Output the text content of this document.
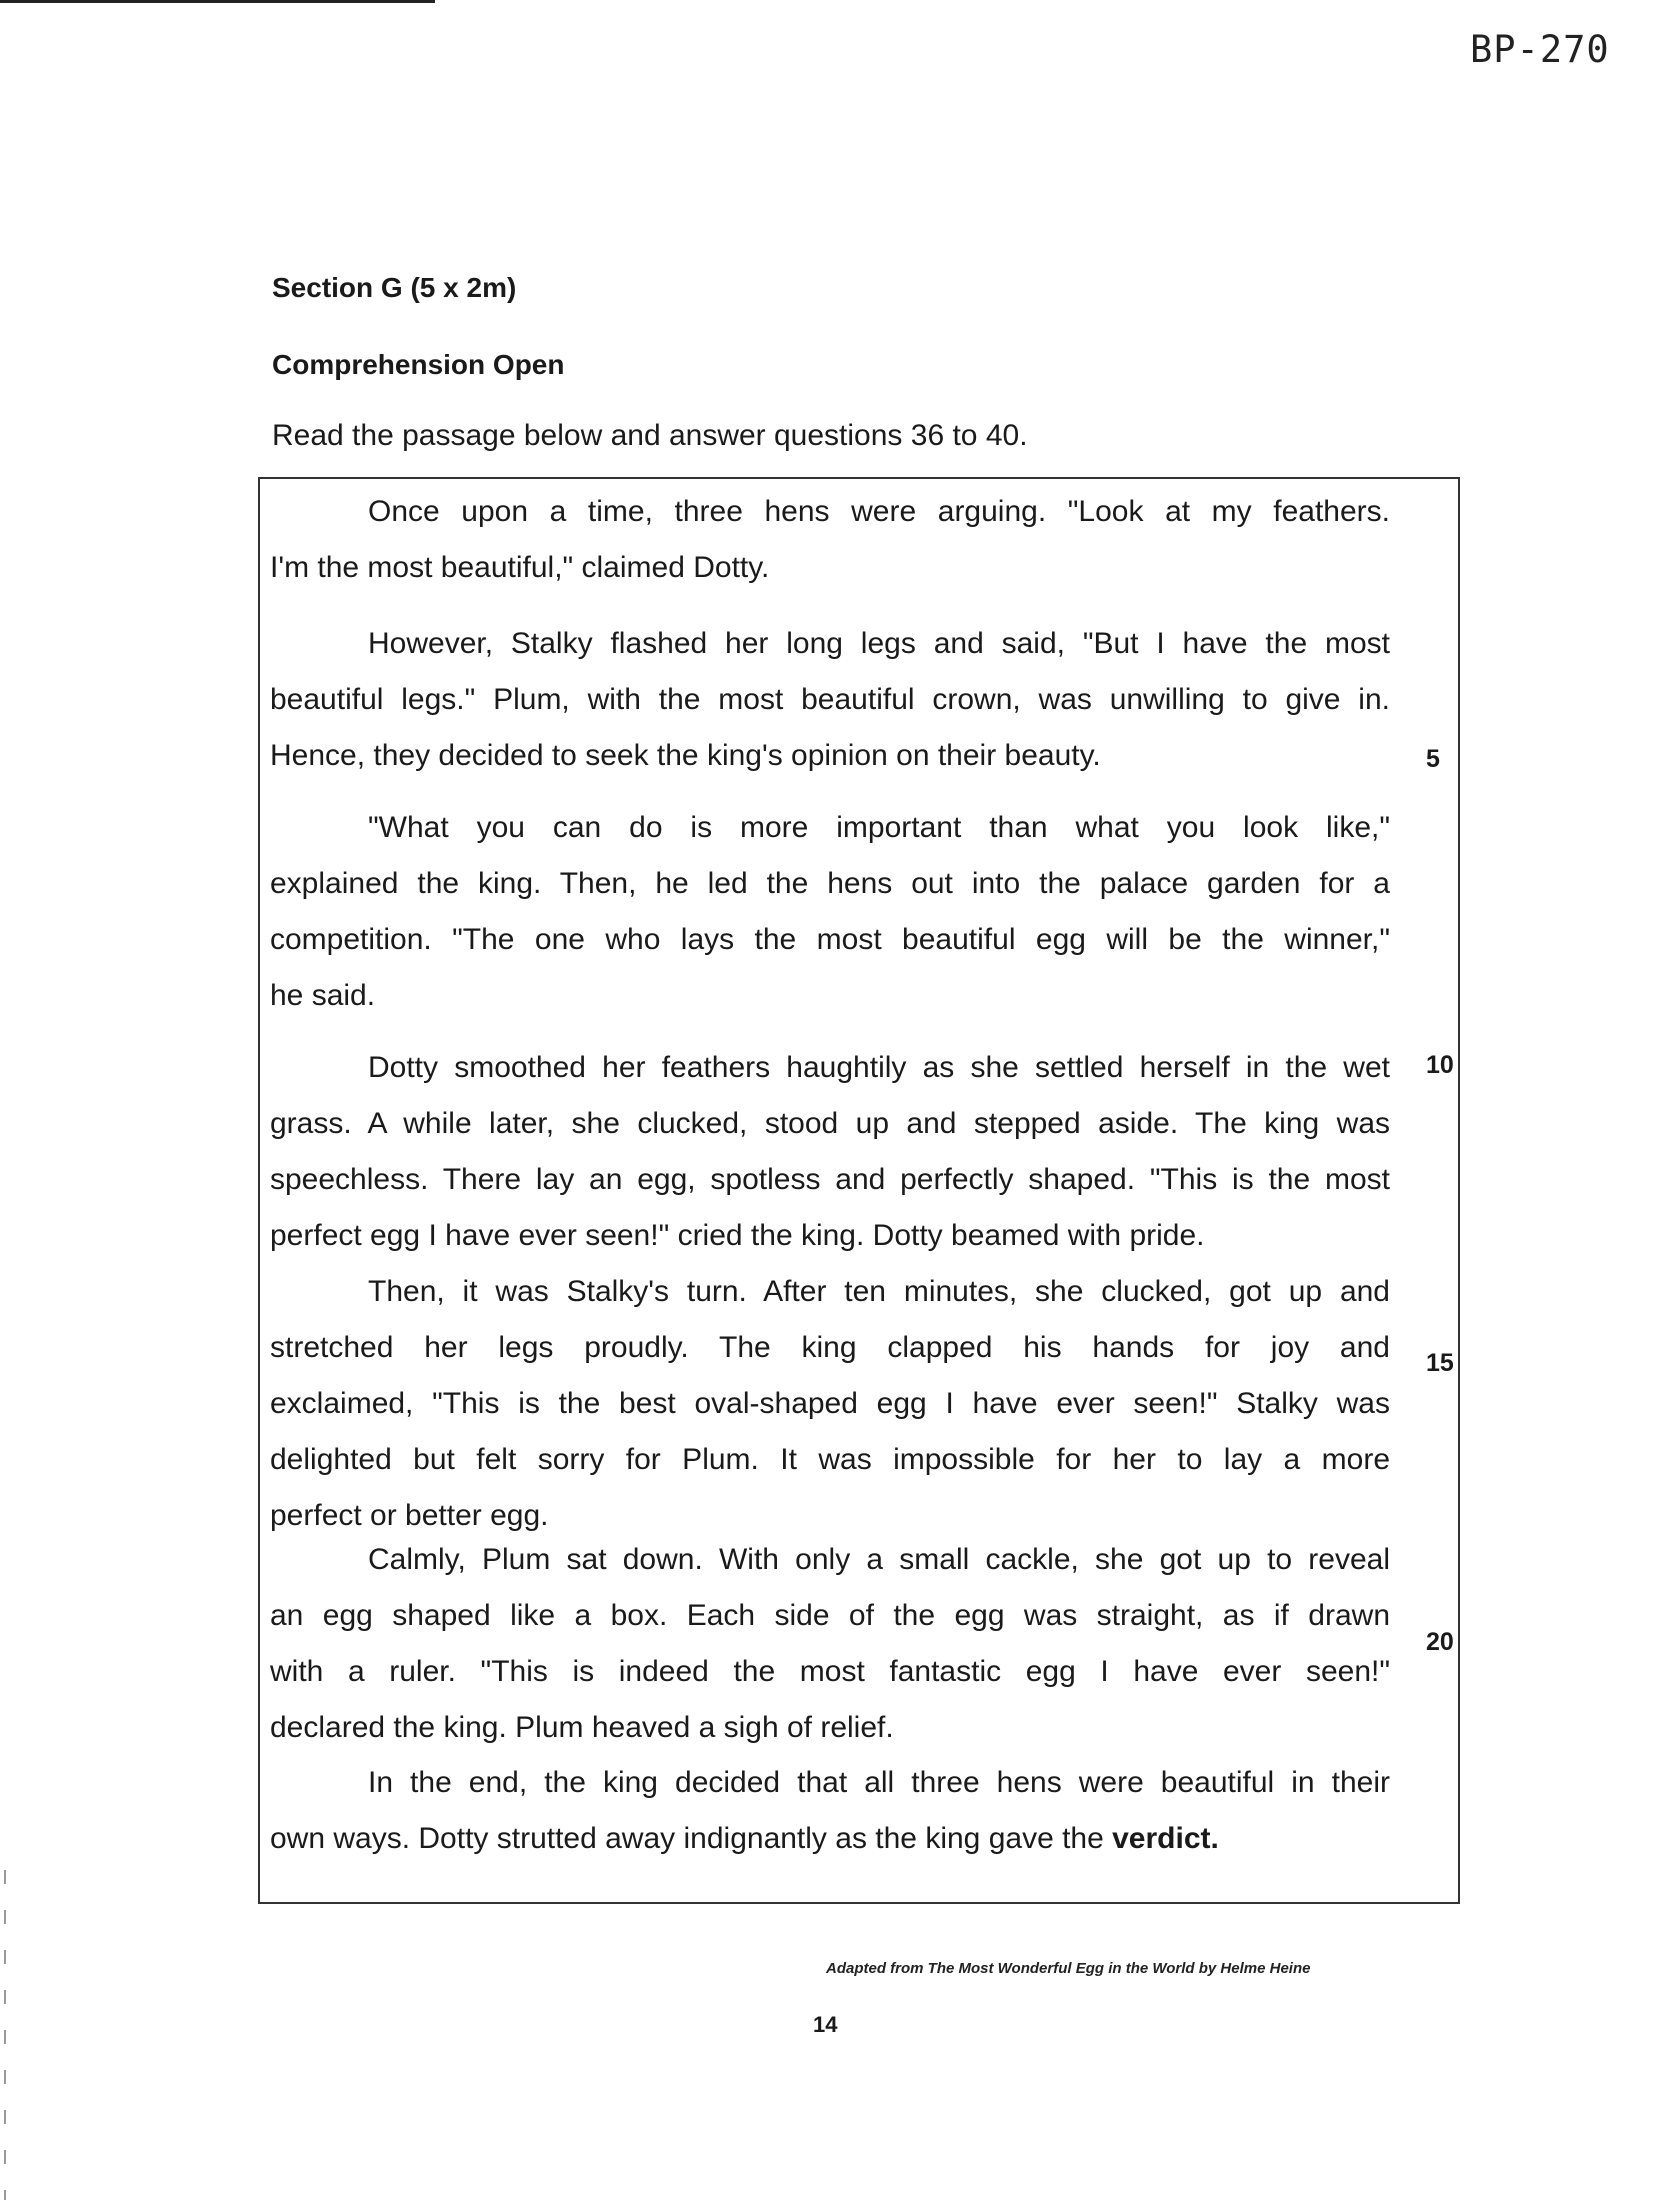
BP-270
Section G (5 x 2m)
Comprehension Open
Read the passage below and answer questions 36 to 40.

Once upon a time, three hens were arguing. "Look at my feathers.
I'm the most beautiful," claimed Dotty.

However, Stalky flashed her long legs and said, "But I have the most
beautiful legs." Plum, with the most beautiful crown, was unwilling to give in.
Hence, they decided to seek the king's opinion on their beauty.

"What you can do is more important than what you look like,"
explained the king. Then, he led the hens out into the palace garden for a
competition. "The one who lays the most beautiful egg will be the winner,"
he said.

Dotty smoothed her feathers haughtily as she settled herself in the wet
grass. A while later, she clucked, stood up and stepped aside. The king was
speechless. There lay an egg, spotless and perfectly shaped. "This is the most
perfect egg I have ever seen!" cried the king. Dotty beamed with pride.

Then, it was Stalky's turn. After ten minutes, she clucked, got up and
stretched her legs proudly. The king clapped his hands for joy and
exclaimed, "This is the best oval-shaped egg I have ever seen!" Stalky was
delighted but felt sorry for Plum. It was impossible for her to lay a more
perfect or better egg.

Calmly, Plum sat down. With only a small cackle, she got up to reveal
an egg shaped like a box. Each side of the egg was straight, as if drawn
with a ruler. "This is indeed the most fantastic egg I have ever seen!"
declared the king. Plum heaved a sigh of relief.

In the end, the king decided that all three hens were beautiful in their
own ways. Dotty strutted away indignantly as the king gave the verdict.

5
10
15
20
Adapted from The Most Wonderful Egg in the World by Helme Heine
14
